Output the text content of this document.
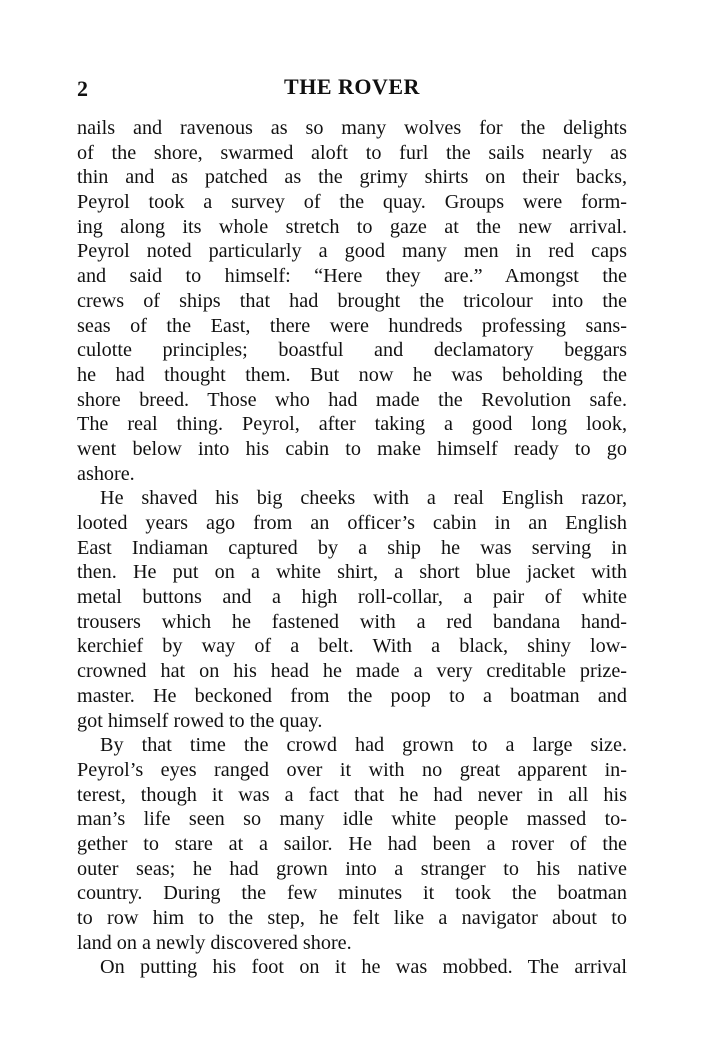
2	THE ROVER
nails and ravenous as so many wolves for the delights
of the shore, swarmed aloft to furl the sails nearly as
thin and as patched as the grimy shirts on their backs,
Peyrol took a survey of the quay. Groups were form-
ing along its whole stretch to gaze at the new arrival.
Peyrol noted particularly a good many men in red caps
and said to himself: “Here they are.” Amongst the
crews of ships that had brought the tricolour into the
seas of the East, there were hundreds professing sans-
culotte principles; boastful and declamatory beggars
he had thought them. But now he was beholding the
shore breed. Those who had made the Revolution safe.
The real thing. Peyrol, after taking a good long look,
went below into his cabin to make himself ready to go
ashore.
He shaved his big cheeks with a real English razor,
looted years ago from an officer’s cabin in an English
East Indiaman captured by a ship he was serving in
then. He put on a white shirt, a short blue jacket with
metal buttons and a high roll-collar, a pair of white
trousers which he fastened with a red bandana hand-
kerchief by way of a belt. With a black, shiny low-
crowned hat on his head he made a very creditable prize-
master. He beckoned from the poop to a boatman and
got himself rowed to the quay.
By that time the crowd had grown to a large size.
Peyrol’s eyes ranged over it with no great apparent in-
terest, though it was a fact that he had never in all his
man’s life seen so many idle white people massed to-
gether to stare at a sailor. He had been a rover of the
outer seas; he had grown into a stranger to his native
country. During the few minutes it took the boatman
to row him to the step, he felt like a navigator about to
land on a newly discovered shore.
On putting his foot on it he was mobbed. The arrival
